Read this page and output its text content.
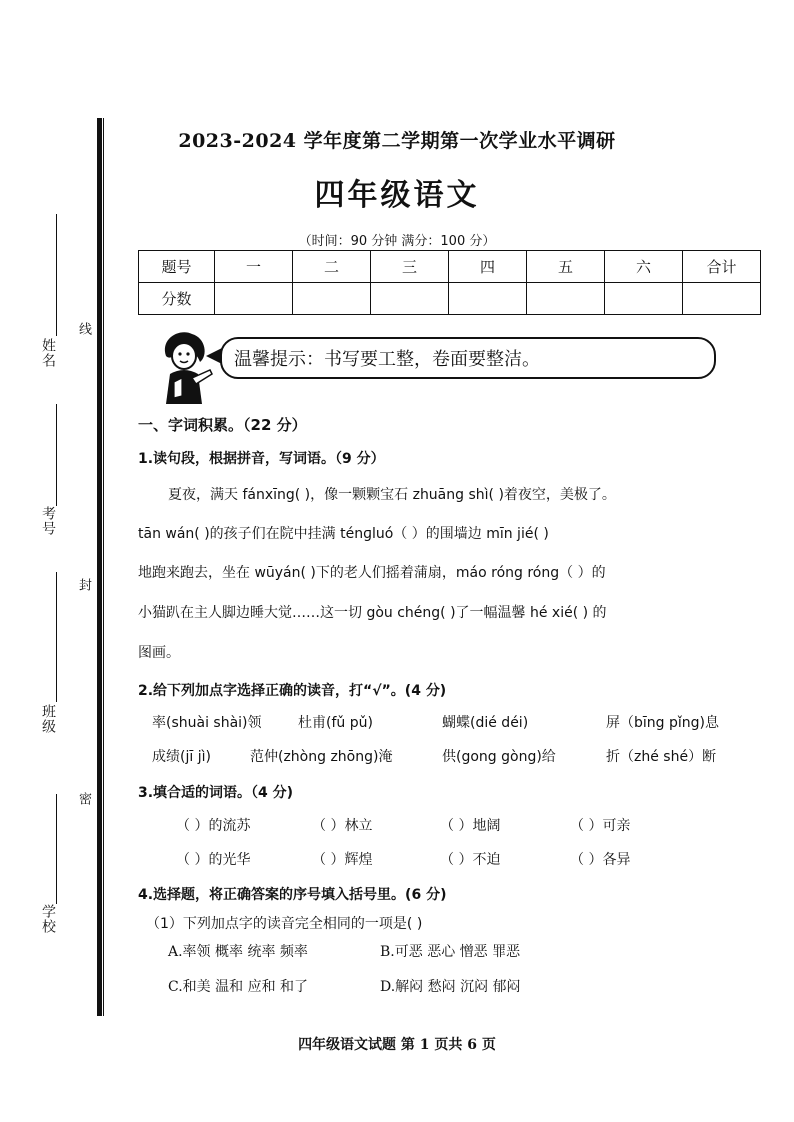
姓名
考号
班级
学校
线
封
密
2023-2024 学年度第二学期第一次学业水平调研
四年级语文
（时间：90 分钟 满分：100 分）
题号	一	二	三	四	五	六	合计
分数							
温馨提示：书写要工整，卷面要整洁。
一、字词积累。（22 分）
1.读句段，根据拼音，写词语。（9 分）
夏夜，满天 fánxīng( )，像一颗颗宝石 zhuāng shì( )着夜空，美极了。
tān wán( )的孩子们在院中挂满 ténɡluó（ ）的围墙边 mīn jié( )
地跑来跑去，坐在 wūyán( )下的老人们摇着蒲扇，máo róng róng（ ）的
小猫趴在主人脚边睡大觉……这一切 gòu chéng( )了一幅温馨 hé xié( ) 的
图画。
2.给下列加点字选择正确的读音，打“√”。(4 分)
率(shuài shài)领	杜甫(fǔ pǔ)	蝴蝶(dié déi)	屏（bīng pǐng)息
成绩(jī jì)	范仲(zhòng zhōng)淹	供(gong gòng)给	折（zhé shé）断
3.填合适的词语。（4 分)
（ ）的流苏	（ ）林立	（ ）地阔	（ ）可亲
（ ）的光华	（ ）辉煌	（ ）不迫	（ ）各异
4.选择题，将正确答案的序号填入括号里。(6 分)
（1）下列加点字的读音完全相同的一项是( )
A.率领 概率 统率 频率	B.可恶 恶心 憎恶 罪恶
C.和美 温和 应和 和了	D.解闷 愁闷 沉闷 郁闷
四年级语文试题 第 1 页共 6 页
